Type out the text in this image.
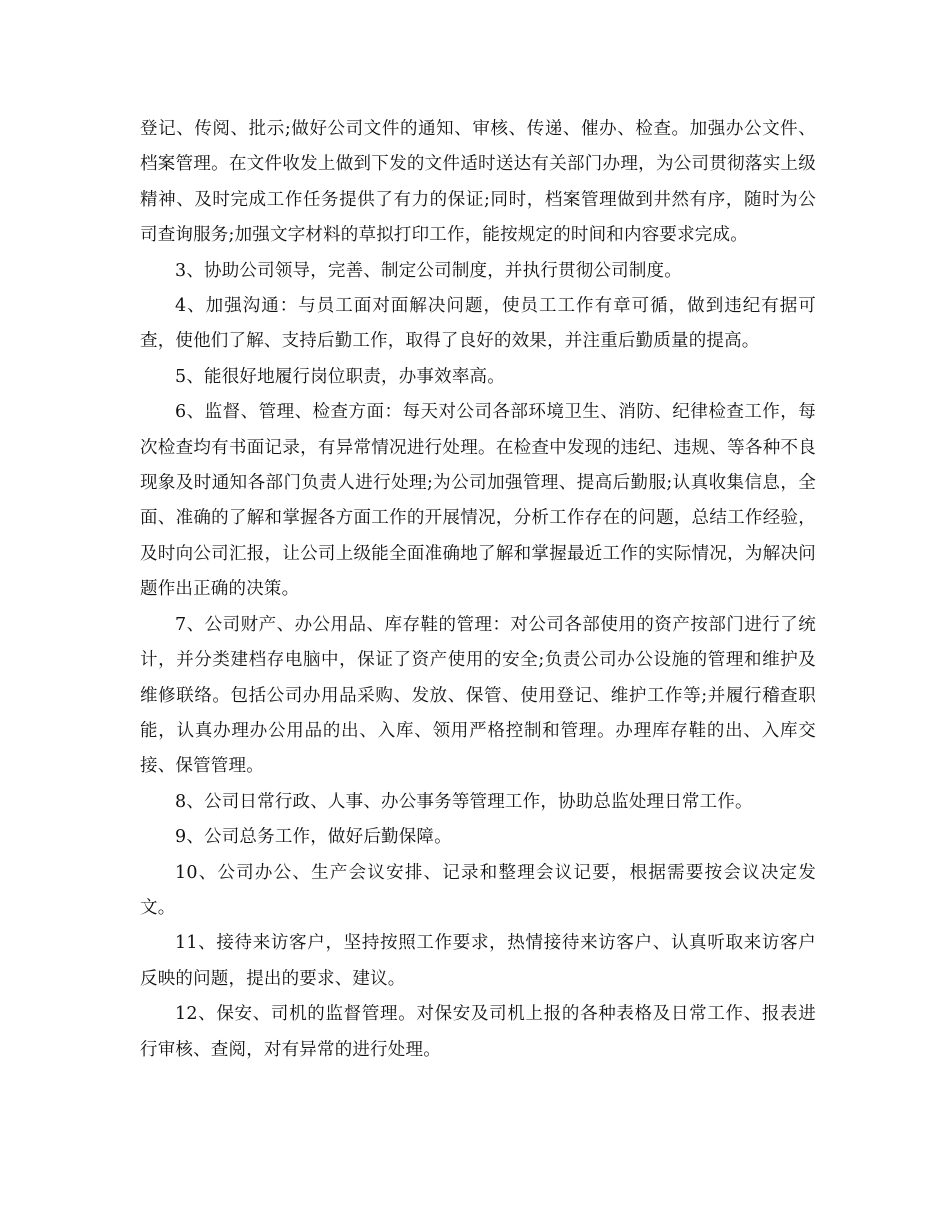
登记、传阅、批示;做好公司文件的通知、审核、传递、催办、检查。加强办公文件、档案管理。在文件收发上做到下发的文件适时送达有关部门办理，为公司贯彻落实上级精神、及时完成工作任务提供了有力的保证;同时，档案管理做到井然有序，随时为公司查询服务;加强文字材料的草拟打印工作，能按规定的时间和内容要求完成。

3、协助公司领导，完善、制定公司制度，并执行贯彻公司制度。

4、加强沟通：与员工面对面解决问题，使员工工作有章可循，做到违纪有据可查，使他们了解、支持后勤工作，取得了良好的效果，并注重后勤质量的提高。

5、能很好地履行岗位职责，办事效率高。

6、监督、管理、检查方面：每天对公司各部环境卫生、消防、纪律检查工作，每次检查均有书面记录，有异常情况进行处理。在检查中发现的违纪、违规、等各种不良现象及时通知各部门负责人进行处理;为公司加强管理、提高后勤服;认真收集信息，全面、准确的了解和掌握各方面工作的开展情况，分析工作存在的问题，总结工作经验，及时向公司汇报，让公司上级能全面准确地了解和掌握最近工作的实际情况，为解决问题作出正确的决策。

7、公司财产、办公用品、库存鞋的管理：对公司各部使用的资产按部门进行了统计，并分类建档存电脑中，保证了资产使用的安全;负责公司办公设施的管理和维护及维修联络。包括公司办用品采购、发放、保管、使用登记、维护工作等;并履行稽查职能，认真办理办公用品的出、入库、领用严格控制和管理。办理库存鞋的出、入库交接、保管管理。

8、公司日常行政、人事、办公事务等管理工作，协助总监处理日常工作。

9、公司总务工作，做好后勤保障。

10、公司办公、生产会议安排、记录和整理会议记要，根据需要按会议决定发文。

11、接待来访客户，坚持按照工作要求，热情接待来访客户、认真听取来访客户反映的问题，提出的要求、建议。

12、保安、司机的监督管理。对保安及司机上报的各种表格及日常工作、报表进行审核、查阅，对有异常的进行处理。
